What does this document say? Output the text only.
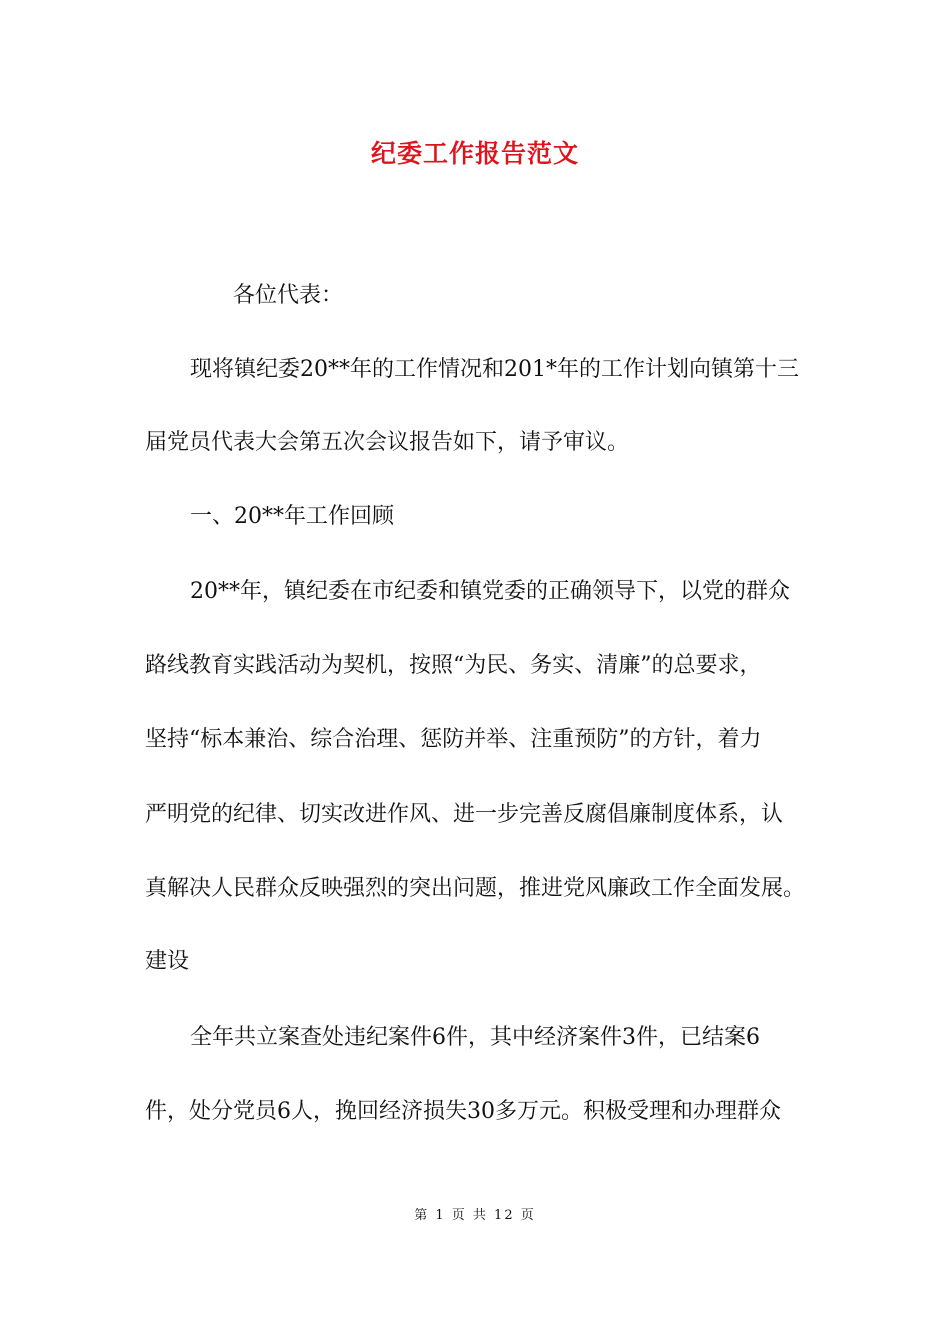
纪委工作报告范文
各位代表：
现将镇纪委20**年的工作情况和201*年的工作计划向镇第十三
届党员代表大会第五次会议报告如下，请予审议。
一、20**年工作回顾
20**年，镇纪委在市纪委和镇党委的正确领导下，以党的群众
路线教育实践活动为契机，按照“为民、务实、清廉”的总要求，
坚持“标本兼治、综合治理、惩防并举、注重预防”的方针，着力
严明党的纪律、切实改进作风、进一步完善反腐倡廉制度体系，认
真解决人民群众反映强烈的突出问题，推进党风廉政工作全面发展。
建设
全年共立案查处违纪案件6件，其中经济案件3件，已结案6
件，处分党员6人，挽回经济损失30多万元。积极受理和办理群众
第 1 页 共 12 页
